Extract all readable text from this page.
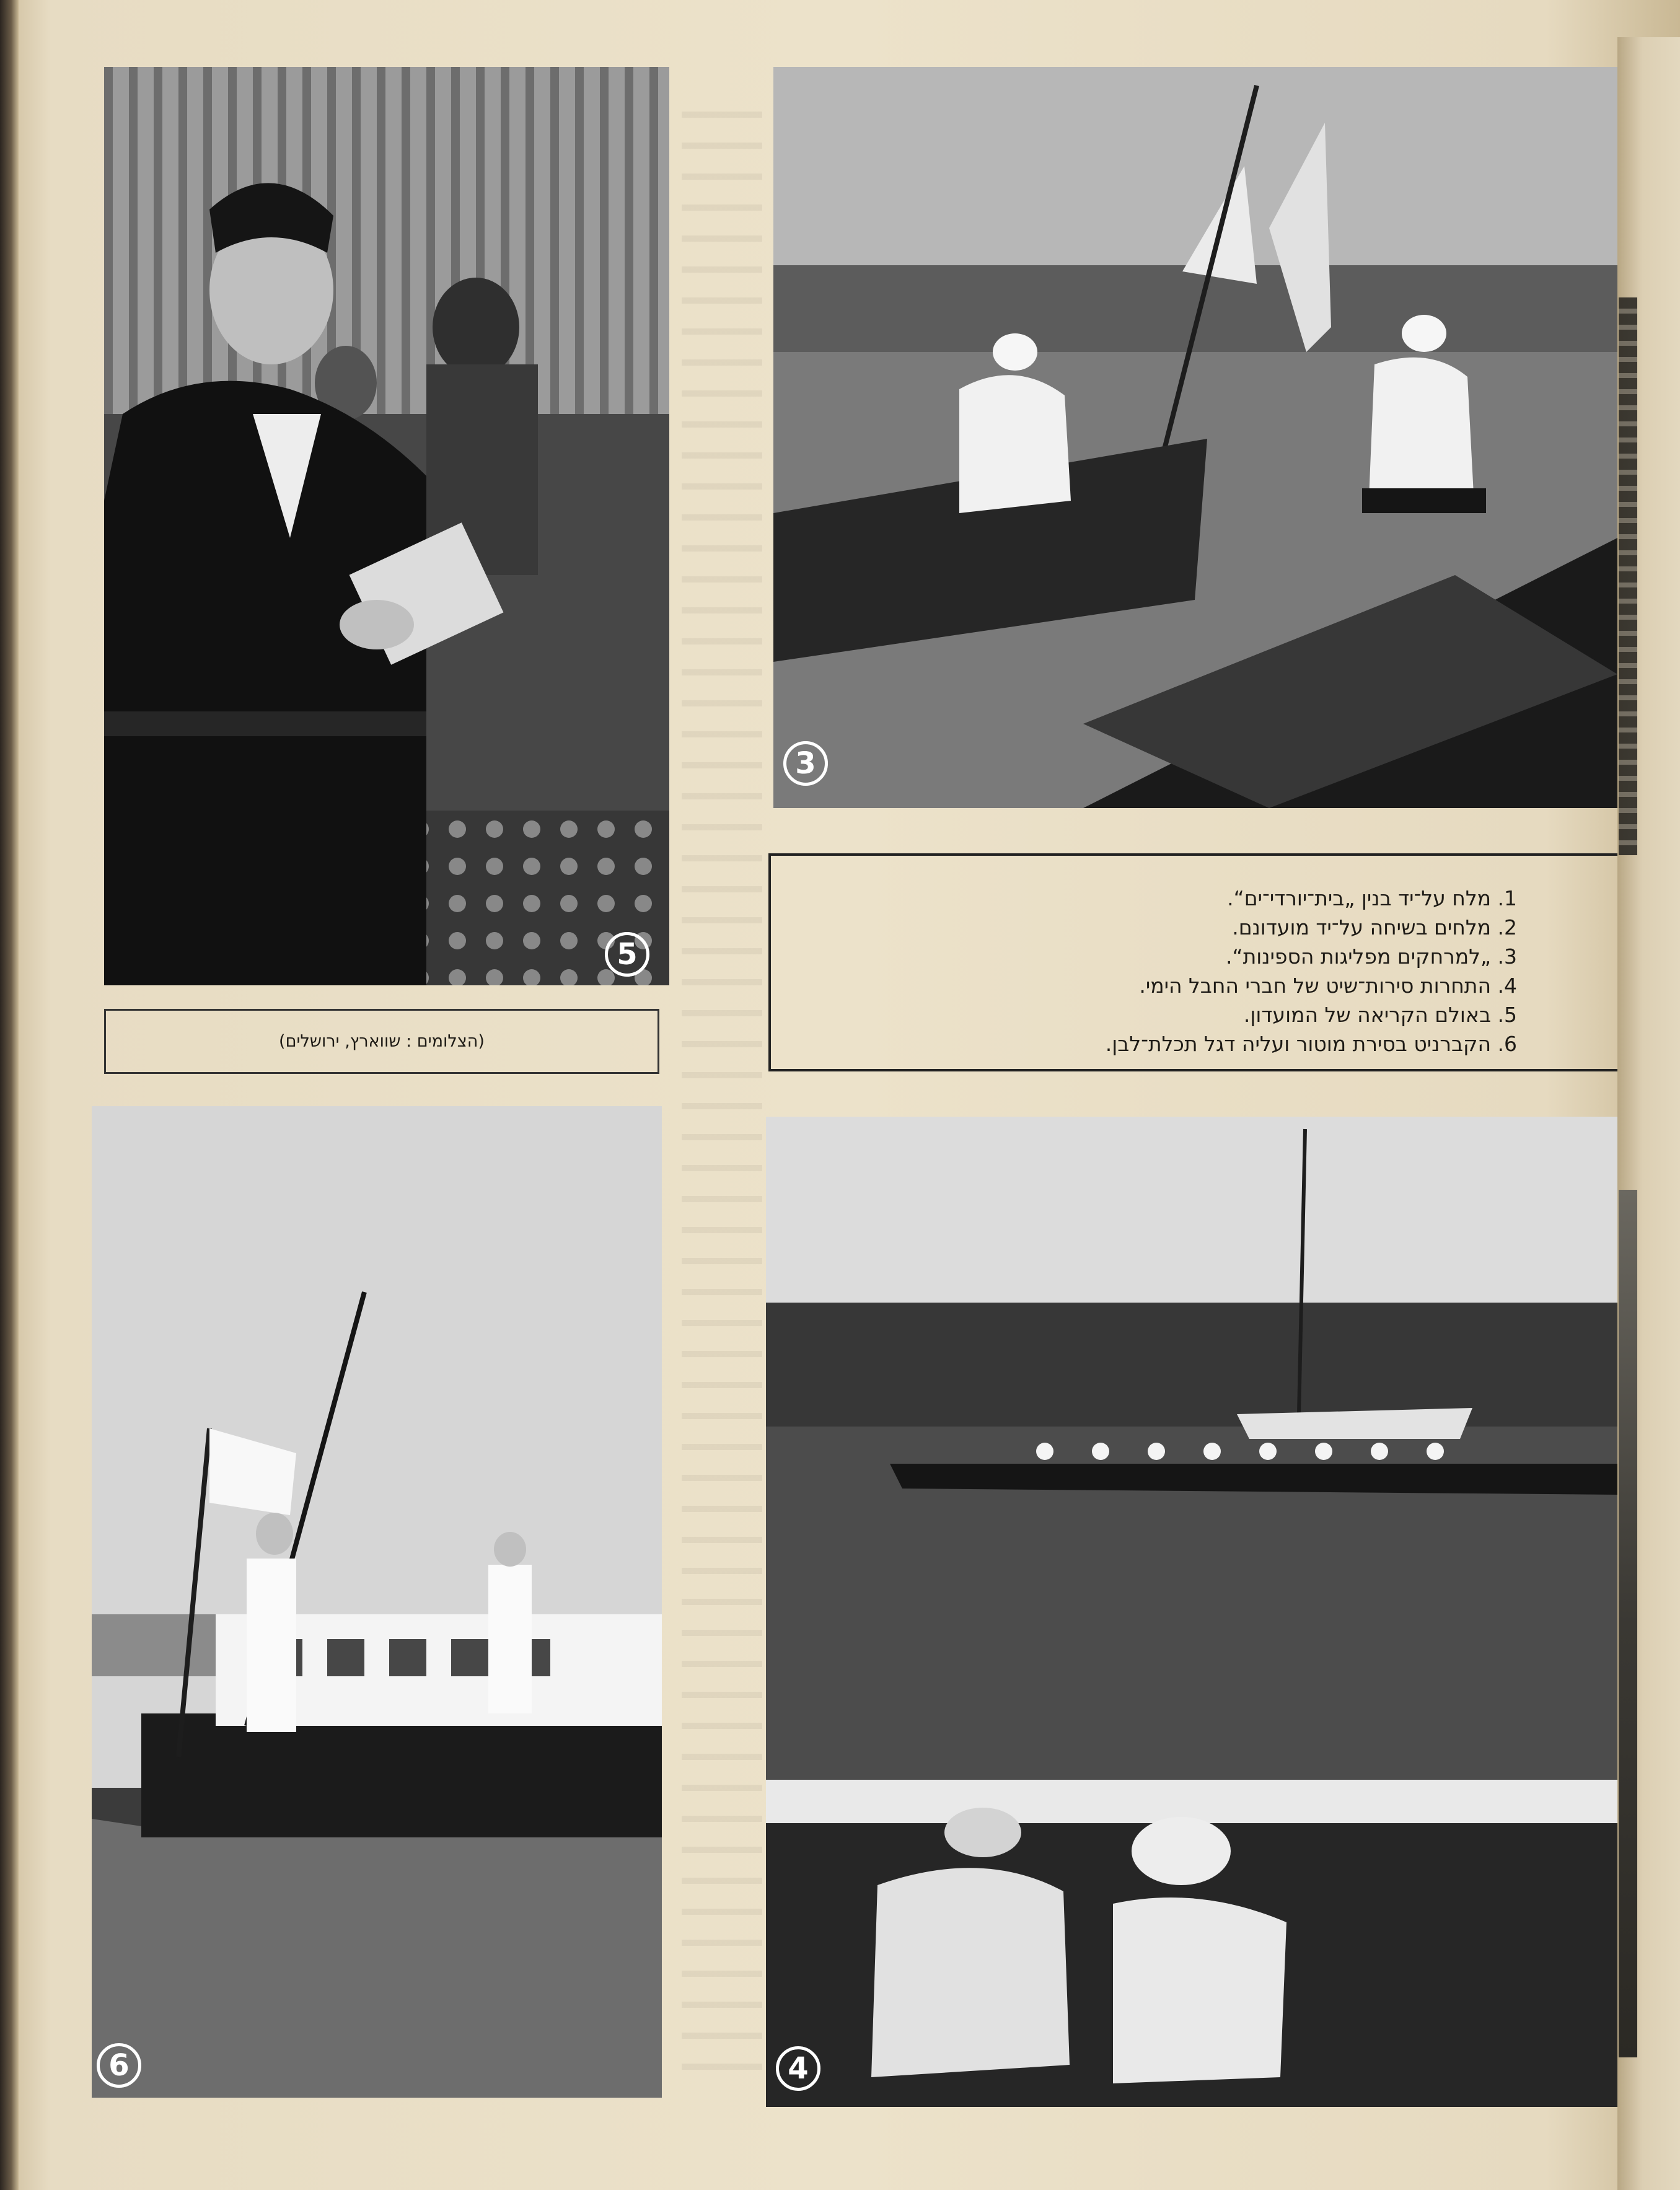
5
3
1. מלח על־יד בנין „בית־יורדי־ים“.
2. מלחים בשיחה על־יד מועדונם.
3. „למרחקים מפליגות הספינות“.
4. התחרות סירות־שיט של חברי החבל הימי.
5. באולם הקריאה של המועדון.
6. הקברניט בסירת מוטור ועליה דגל תכלת־לבן.
(הצלומים : שווארץ, ירושלים)
6	4
